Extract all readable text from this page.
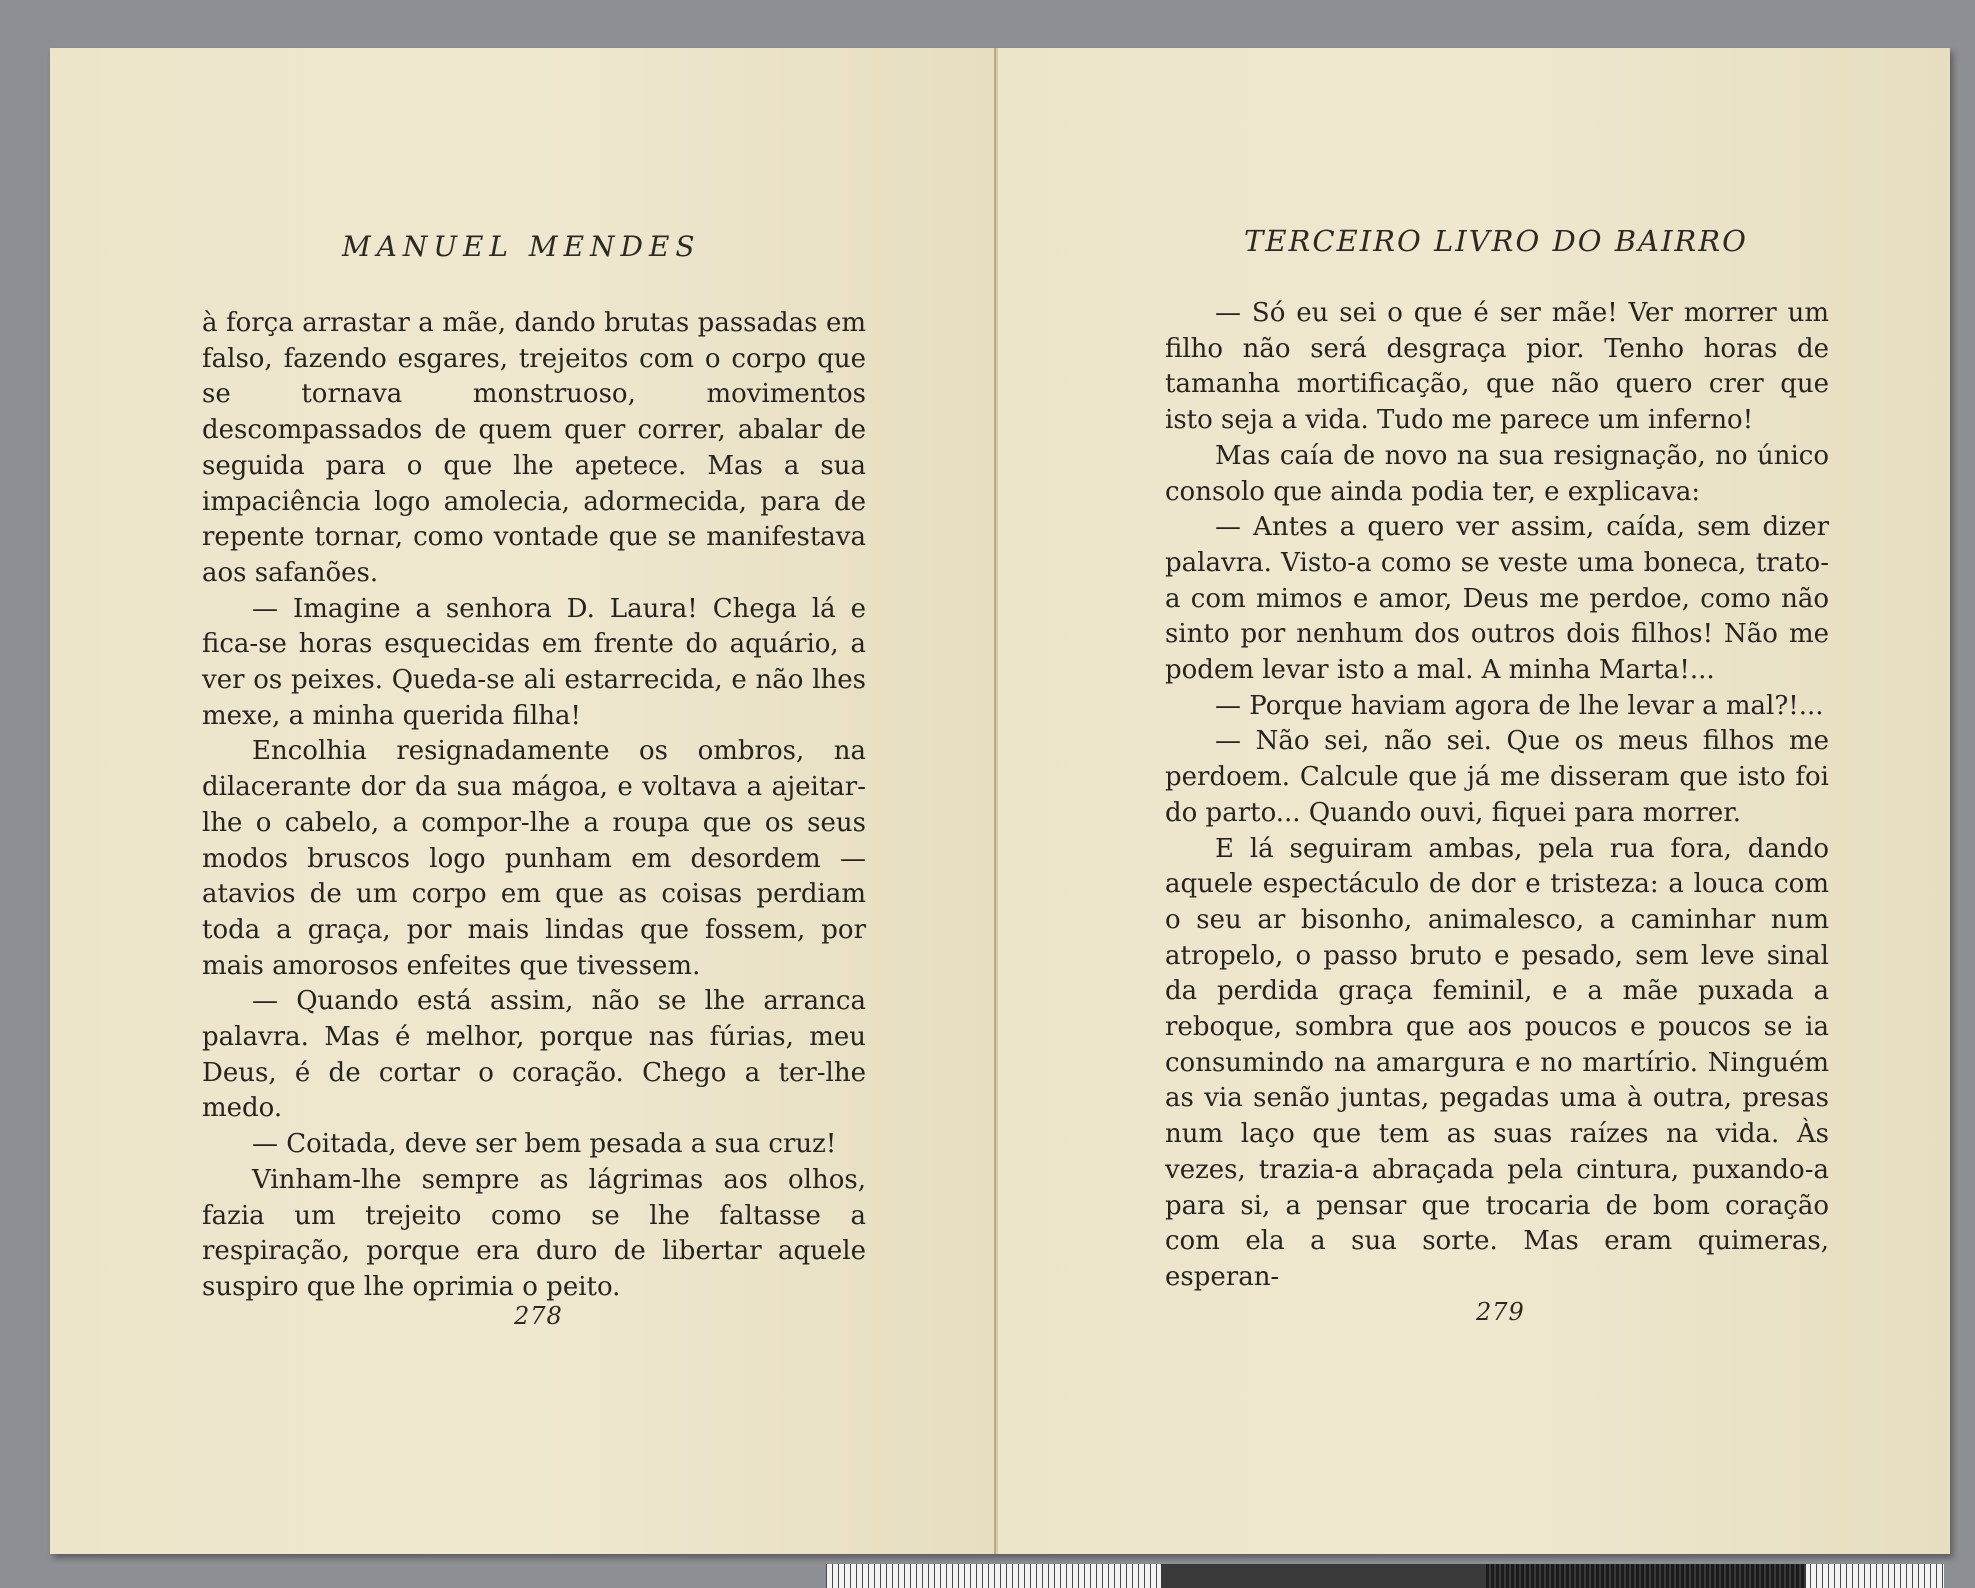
MANUEL MENDES

à força arrastar a mãe, dando brutas passadas em falso, fazendo esgares, trejeitos com o corpo que se tornava monstruoso, movimentos descompassados de quem quer correr, abalar de seguida para o que lhe apetece. Mas a sua impaciência logo amolecia, adormecida, para de repente tornar, como vontade que se manifestava aos safanões.

— Imagine a senhora D. Laura! Chega lá e fica-se horas esquecidas em frente do aquário, a ver os peixes. Queda-se ali estarrecida, e não lhes mexe, a minha querida filha!

Encolhia resignadamente os ombros, na dilacerante dor da sua mágoa, e voltava a ajeitar-lhe o cabelo, a compor-lhe a roupa que os seus modos bruscos logo punham em desordem — atavios de um corpo em que as coisas perdiam toda a graça, por mais lindas que fossem, por mais amorosos enfeites que tivessem.

— Quando está assim, não se lhe arranca palavra. Mas é melhor, porque nas fúrias, meu Deus, é de cortar o coração. Chego a ter-lhe medo.

— Coitada, deve ser bem pesada a sua cruz!

Vinham-lhe sempre as lágrimas aos olhos, fazia um trejeito como se lhe faltasse a respiração, porque era duro de libertar aquele suspiro que lhe oprimia o peito.

278
TERCEIRO LIVRO DO BAIRRO

— Só eu sei o que é ser mãe! Ver morrer um filho não será desgraça pior. Tenho horas de tamanha mortificação, que não quero crer que isto seja a vida. Tudo me parece um inferno!

Mas caía de novo na sua resignação, no único consolo que ainda podia ter, e explicava:

— Antes a quero ver assim, caída, sem dizer palavra. Visto-a como se veste uma boneca, trato-a com mimos e amor, Deus me perdoe, como não sinto por nenhum dos outros dois filhos! Não me podem levar isto a mal. A minha Marta!...

— Porque haviam agora de lhe levar a mal?!...

— Não sei, não sei. Que os meus filhos me perdoem. Calcule que já me disseram que isto foi do parto... Quando ouvi, fiquei para morrer.

E lá seguiram ambas, pela rua fora, dando aquele espectáculo de dor e tristeza: a louca com o seu ar bisonho, animalesco, a caminhar num atropelo, o passo bruto e pesado, sem leve sinal da perdida graça feminil, e a mãe puxada a reboque, sombra que aos poucos e poucos se ia consumindo na amargura e no martírio. Ninguém as via senão juntas, pegadas uma à outra, presas num laço que tem as suas raízes na vida. Às vezes, trazia-a abraçada pela cintura, puxando-a para si, a pensar que trocaria de bom coração com ela a sua sorte. Mas eram quimeras, esperan-

279
